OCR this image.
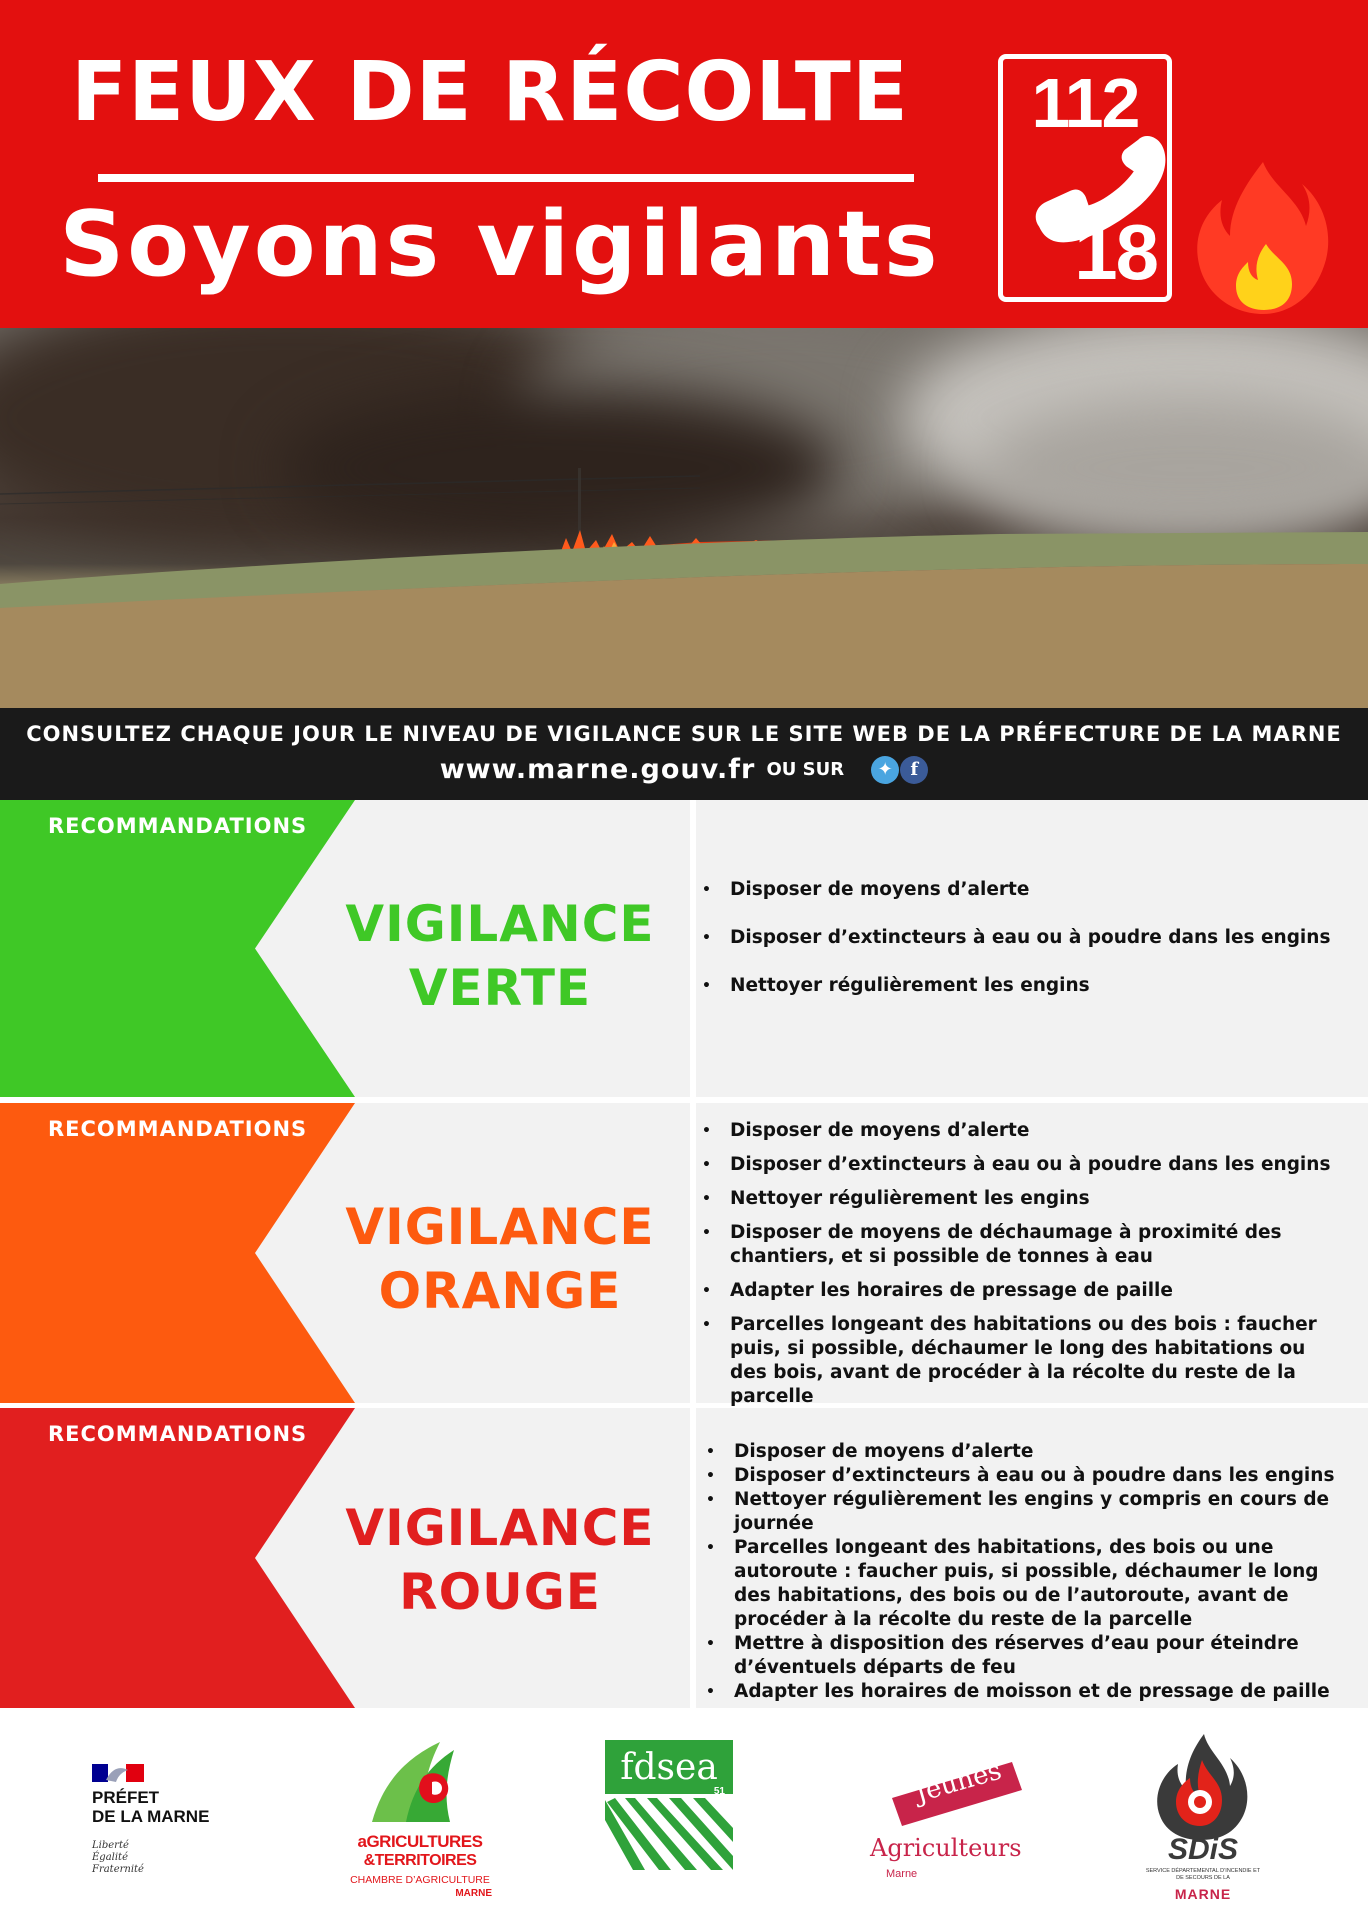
FEUX DE RÉCOLTE
Soyons vigilants
112
18
CONSULTEZ CHAQUE JOUR LE NIVEAU DE VIGILANCE SUR LE SITE WEB DE LA PRÉFECTURE DE LA MARNE
www.marne.gouv.fr OU SUR ✦ f
RECOMMANDATIONS
VIGILANCE
VERTE
• Disposer de moyens d’alerte
• Disposer d’extincteurs à eau ou à poudre dans les engins
• Nettoyer régulièrement les engins
RECOMMANDATIONS
VIGILANCE
ORANGE
• Disposer de moyens d’alerte
• Disposer d’extincteurs à eau ou à poudre dans les engins
• Nettoyer régulièrement les engins
• Disposer de moyens de déchaumage à proximité des chantiers, et si possible de tonnes à eau
• Adapter les horaires de pressage de paille
• Parcelles longeant des habitations ou des bois : faucher puis, si possible, déchaumer le long des habitations ou des bois, avant de procéder à la récolte du reste de la parcelle
RECOMMANDATIONS
VIGILANCE
ROUGE
• Disposer de moyens d’alerte
• Disposer d’extincteurs à eau ou à poudre dans les engins
• Nettoyer régulièrement les engins y compris en cours de journée
• Parcelles longeant des habitations, des bois ou une autoroute : faucher puis, si possible, déchaumer le long des habitations, des bois ou de l’autoroute, avant de procéder à la récolte du reste de la parcelle
• Mettre à disposition des réserves d’eau pour éteindre d’éventuels départs de feu
• Adapter les horaires de moisson et de pressage de paille
PRÉFET
DE LA MARNE
Liberté
Égalité
Fraternité
aGRICULTURES
&TERRITOIRES
CHAMBRE D’AGRICULTURE
MARNE
fdsea
51	Jeunes
Agriculteurs
Marne
SDiS
SERVICE DÉPARTEMENTAL D’INCENDIE ET DE SECOURS DE LA
MARNE
